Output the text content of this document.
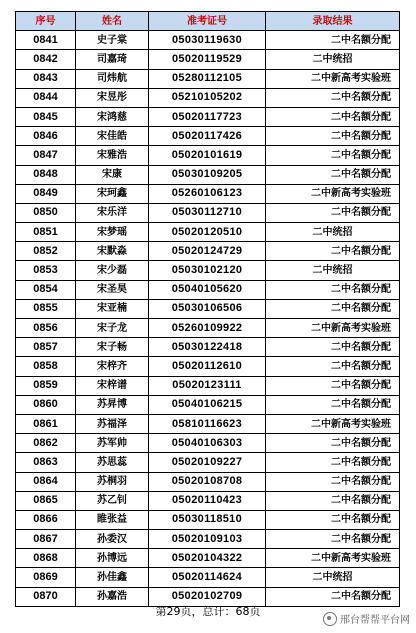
序号	姓名	准考证号	录取结果
0841	史子棠	05030119630	二中名额分配
0842	司嘉琦	05020119529	二中统招
0843	司炜航	05280112105	二中新高考实验班
0844	宋昱彤	05210105202	二中名额分配
0845	宋鸿慈	05020117723	二中名额分配
0846	宋佳皓	05020117426	二中名额分配
0847	宋雅浩	05020101619	二中名额分配
0848	宋康	05030109205	二中名额分配
0849	宋珂鑫	05260106123	二中新高考实验班
0850	宋乐洋	05030112710	二中名额分配
0851	宋梦瑶	05020120510	二中统招
0852	宋默淼	05020124729	二中名额分配
0853	宋少磊	05030102120	二中统招
0854	宋圣昊	05040105620	二中名额分配
0855	宋亚楠	05030106506	二中名额分配
0856	宋子龙	05260109922	二中新高考实验班
0857	宋子畅	05030122418	二中名额分配
0858	宋梓齐	05020112610	二中名额分配
0859	宋梓谱	05020123111	二中名额分配
0860	苏昇博	05040106215	二中名额分配
0861	苏福泽	05810116623	二中新高考实验班
0862	苏军帅	05040106303	二中名额分配
0863	苏思蕊	05020109227	二中名额分配
0864	苏桐羽	05020108708	二中名额分配
0865	苏乙钊	05020110423	二中名额分配
0866	睢张益	05030118510	二中名额分配
0867	孙委汉	05020109103	二中名额分配
0868	孙博远	05020104322	二中新高考实验班
0869	孙佳鑫	05020114624	二中统招
0870	孙嘉浩	05020102709	二中名额分配
第29页，总计：68页
邢台帮帮平台网
